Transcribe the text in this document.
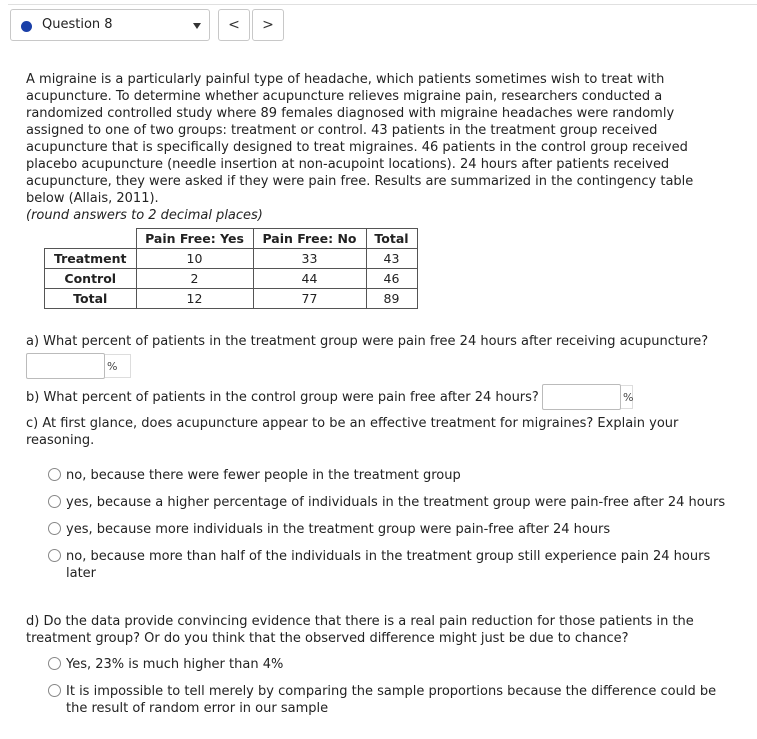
Question 8	<	>
A migraine is a particularly painful type of headache, which patients sometimes wish to treat with acupuncture. To determine whether acupuncture relieves migraine pain, researchers conducted a randomized controlled study where 89 females diagnosed with migraine headaches were randomly assigned to one of two groups: treatment or control. 43 patients in the treatment group received acupuncture that is specifically designed to treat migraines. 46 patients in the control group received placebo acupuncture (needle insertion at non-acupoint locations). 24 hours after patients received acupuncture, they were asked if they were pain free. Results are summarized in the contingency table below (Allais, 2011).
(round answers to 2 decimal places)
	Pain Free: Yes	Pain Free: No	Total
Treatment	10	33	43
Control	2	44	46
Total	12	77	89
a) What percent of patients in the treatment group were pain free 24 hours after receiving acupuncture?
%
b) What percent of patients in the control group were pain free after 24 hours?	%
c) At first glance, does acupuncture appear to be an effective treatment for migraines? Explain your reasoning.
no, because there were fewer people in the treatment group
yes, because a higher percentage of individuals in the treatment group were pain-free after 24 hours
yes, because more individuals in the treatment group were pain-free after 24 hours
no, because more than half of the individuals in the treatment group still experience pain 24 hours later
d) Do the data provide convincing evidence that there is a real pain reduction for those patients in the treatment group? Or do you think that the observed difference might just be due to chance?
Yes, 23% is much higher than 4%
It is impossible to tell merely by comparing the sample proportions because the difference could be the result of random error in our sample
